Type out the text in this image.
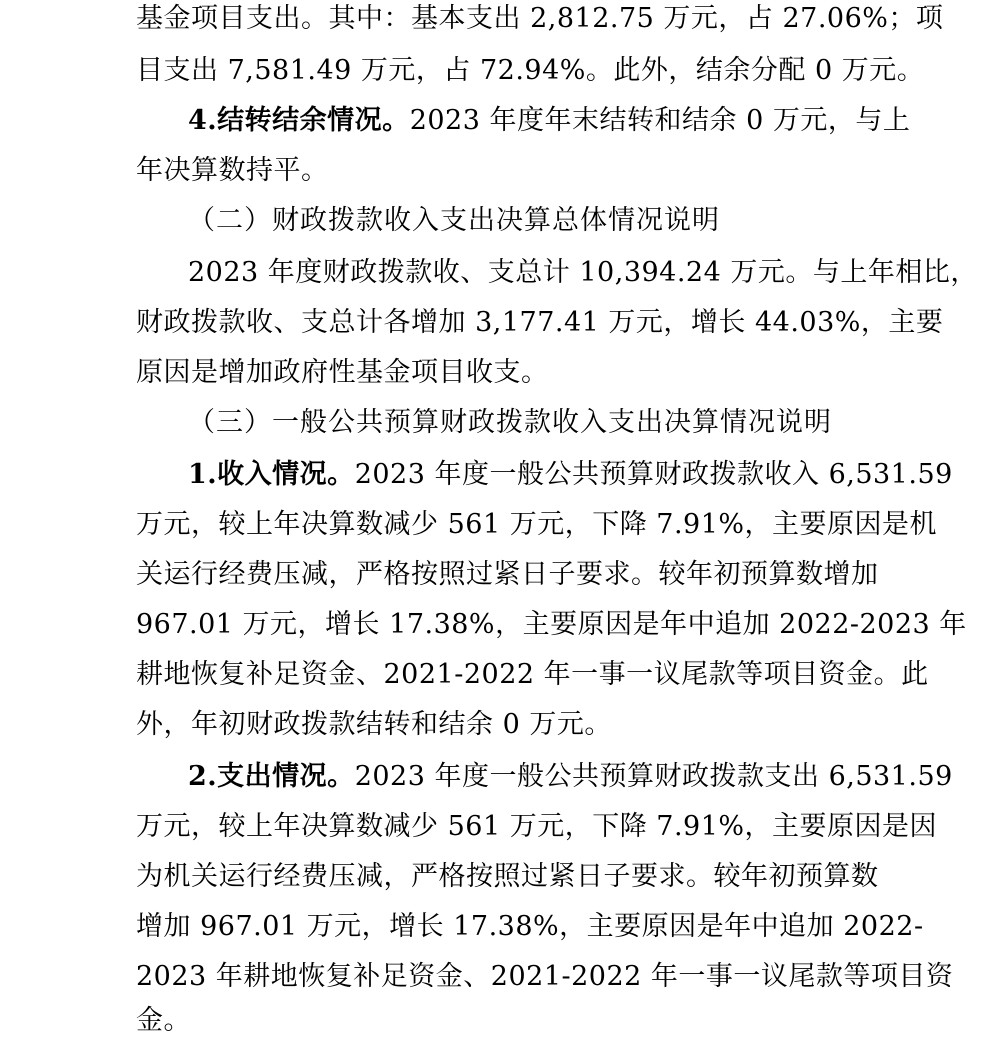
基金项目支出。其中：基本支出 2,812.75 万元，占 27.06%；项
目支出 7,581.49 万元，占 72.94%。此外，结余分配 0 万元。
4.结转结余情况。2023 年度年末结转和结余 0 万元，与上
年决算数持平。
（二）财政拨款收入支出决算总体情况说明
2023 年度财政拨款收、支总计 10,394.24 万元。与上年相比，
财政拨款收、支总计各增加 3,177.41 万元，增长 44.03%，主要
原因是增加政府性基金项目收支。
（三）一般公共预算财政拨款收入支出决算情况说明
1.收入情况。2023 年度一般公共预算财政拨款收入 6,531.59
万元，较上年决算数减少 561 万元，下降 7.91%，主要原因是机
关运行经费压减，严格按照过紧日子要求。较年初预算数增加
967.01 万元，增长 17.38%，主要原因是年中追加 2022-2023 年
耕地恢复补足资金、2021-2022 年一事一议尾款等项目资金。此
外，年初财政拨款结转和结余 0 万元。
2.支出情况。2023 年度一般公共预算财政拨款支出 6,531.59
万元，较上年决算数减少 561 万元，下降 7.91%，主要原因是因
为机关运行经费压减，严格按照过紧日子要求。较年初预算数
增加 967.01 万元，增长 17.38%，主要原因是年中追加 2022-
2023 年耕地恢复补足资金、2021-2022 年一事一议尾款等项目资
金。
